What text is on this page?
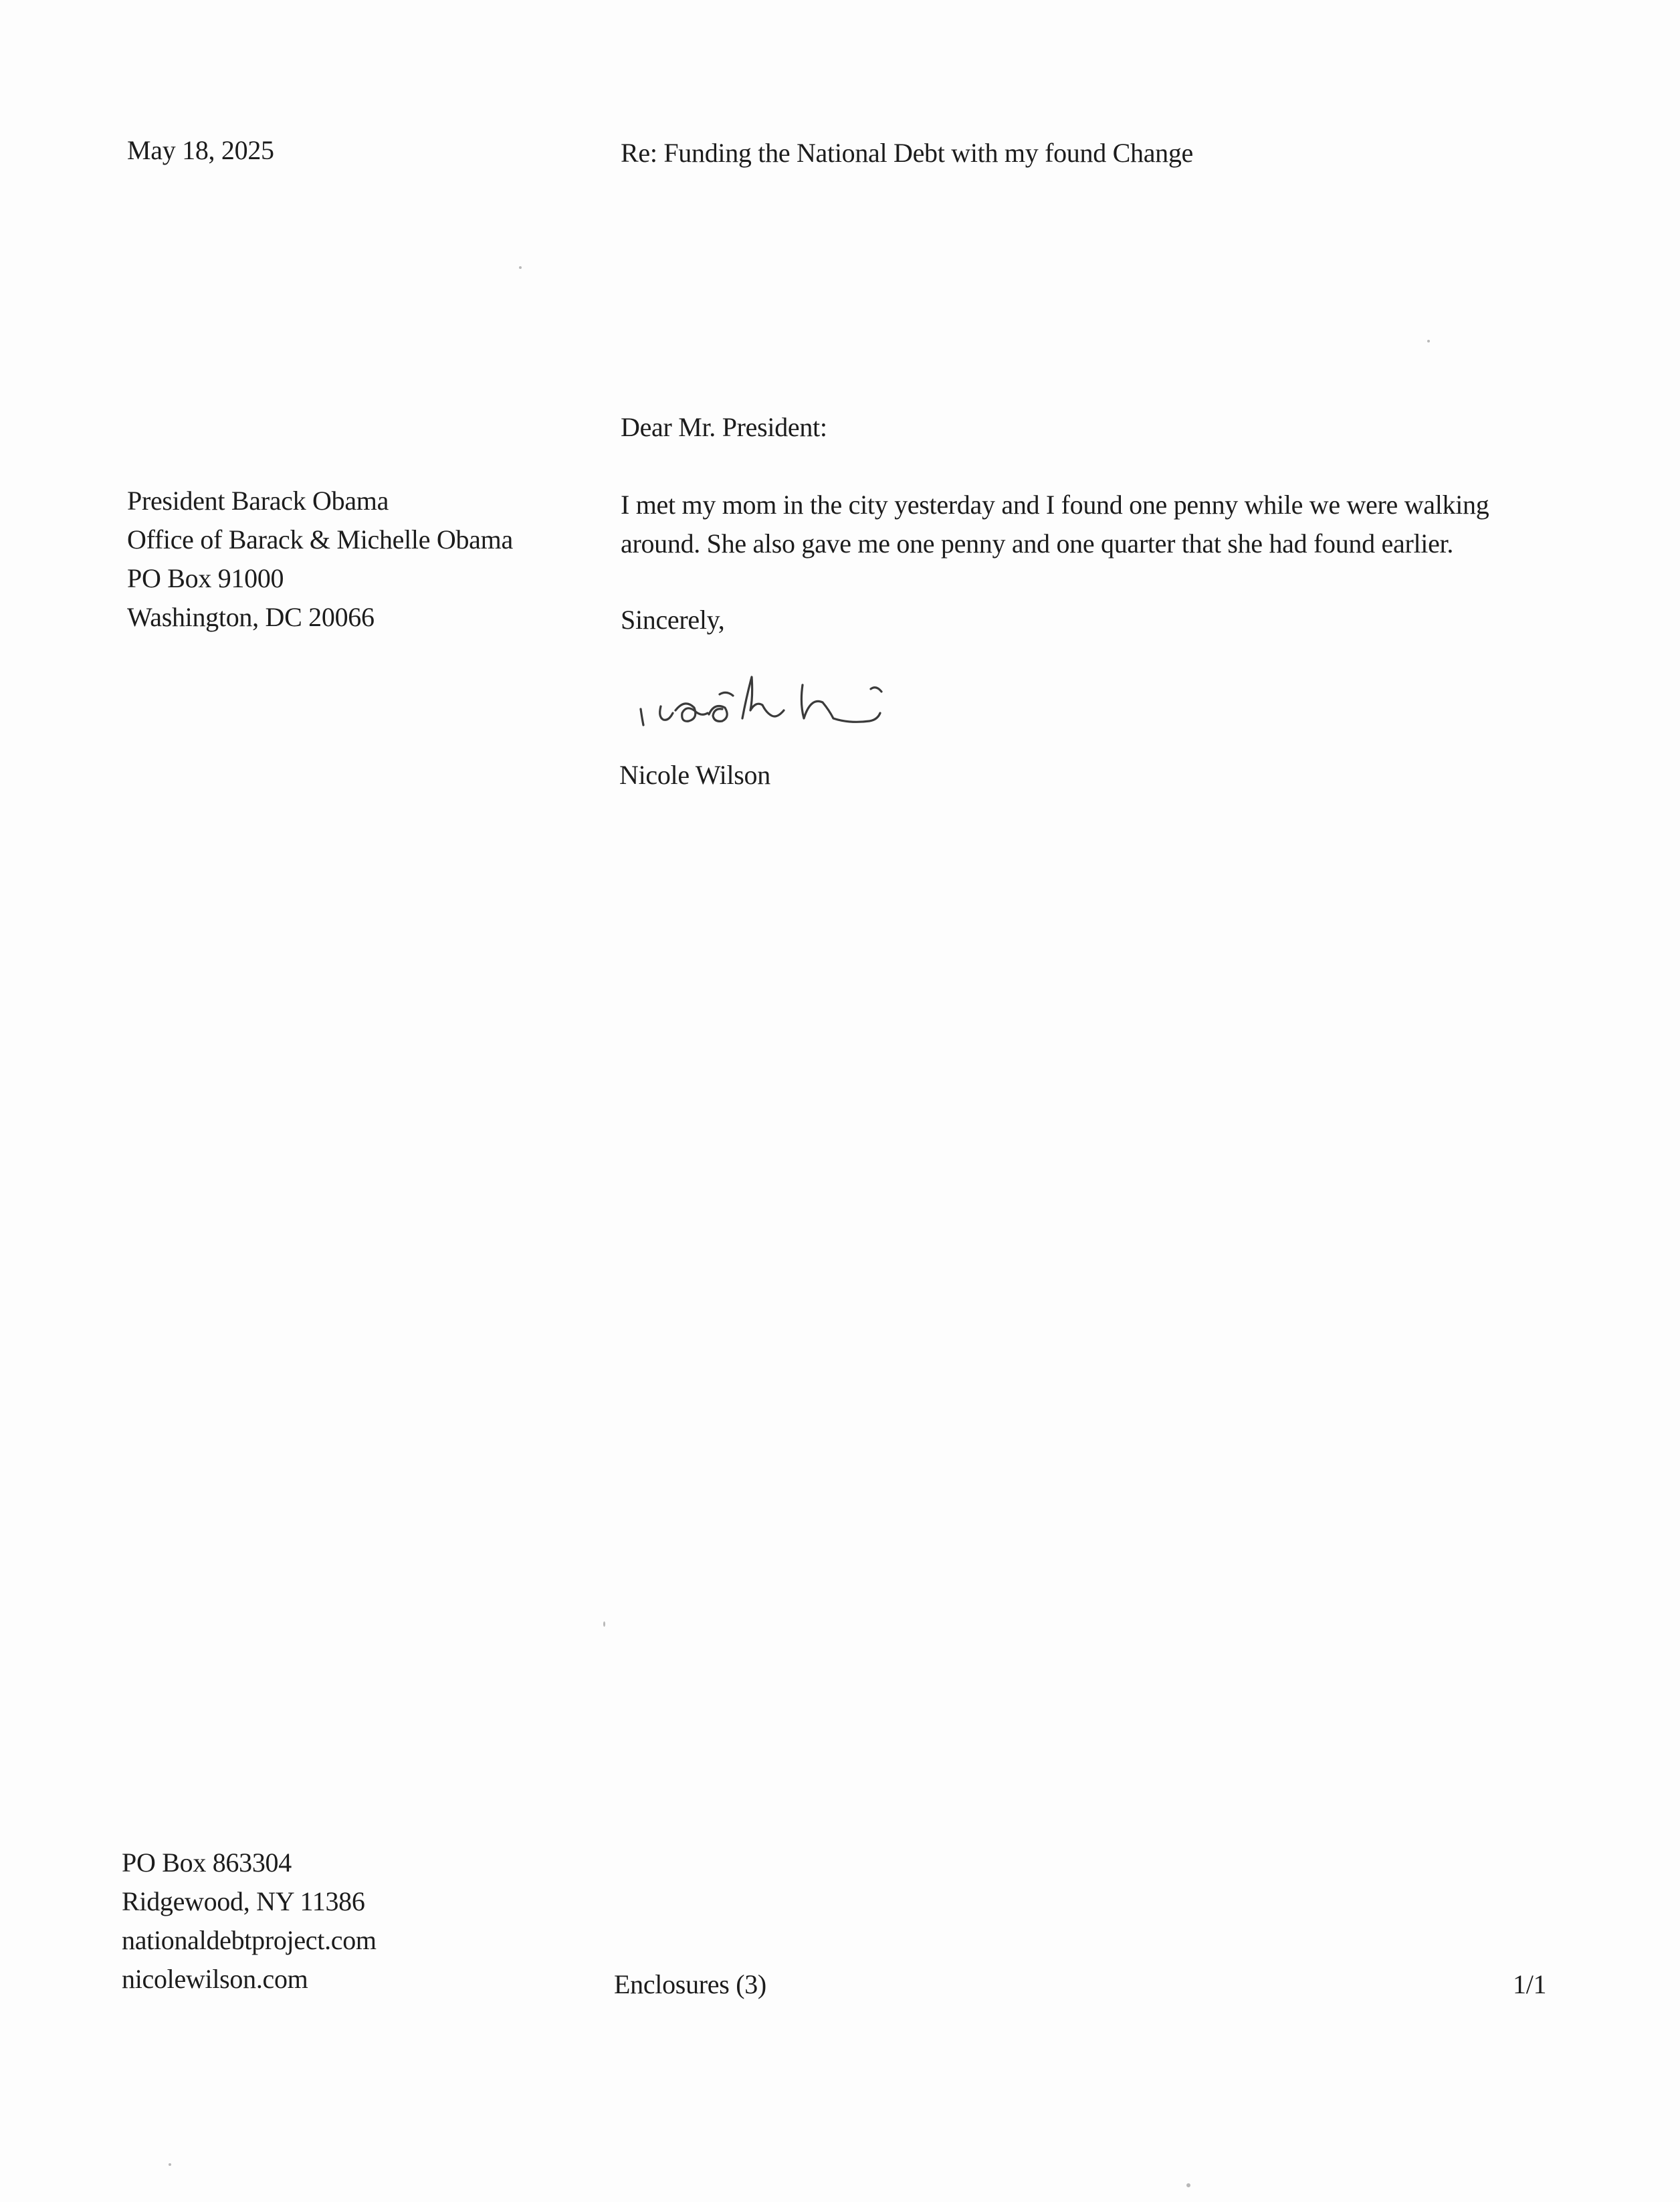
May 18, 2025	Re: Funding the National Debt with my found Change
Dear Mr. President:
President Barack Obama
Office of Barack & Michelle Obama
PO Box 91000
Washington, DC 20066
I met my mom in the city yesterday and I found one penny while we were walking
around. She also gave me one penny and one quarter that she had found earlier.
Sincerely,
Nicole Wilson
PO Box 863304
Ridgewood, NY 11386
nationaldebtproject.com
nicolewilson.com	Enclosures (3)	1/1
